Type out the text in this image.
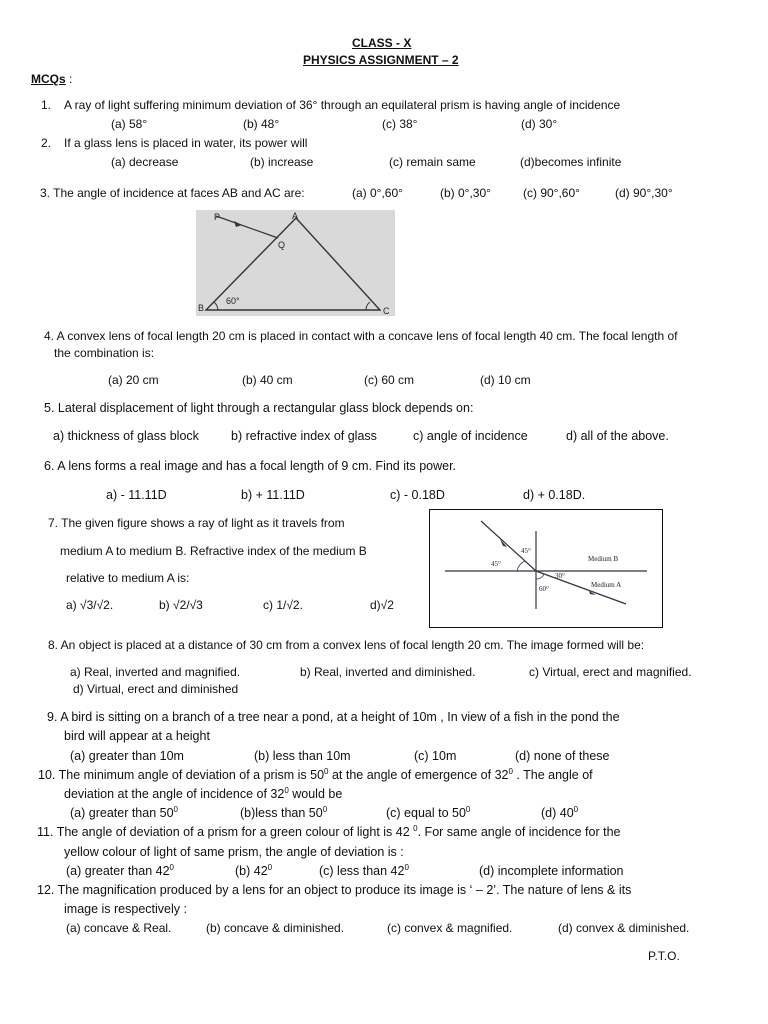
CLASS - X
PHYSICS ASSIGNMENT – 2
MCQs :
1. A ray of light suffering minimum deviation of 36° through an equilateral prism is having angle of incidence
(a) 58°	(b) 48°	(c) 38°	(d) 30°
2. If a glass lens is placed in water, its power will
(a) decrease	(b) increase	(c) remain same	(d)becomes infinite
3. The angle of incidence at faces AB and AC are:	(a) 0°,60°	(b) 0°,30°	(c) 90°,60°	(d) 90°,30°
P	A
Q
B	C
60°
4. A convex lens of focal length 20 cm is placed in contact with a concave lens of focal length 40 cm. The focal length of
the combination is:
(a) 20 cm	(b) 40 cm	(c) 60 cm	(d) 10 cm
5. Lateral displacement of light through a rectangular glass block depends on:
a) thickness of glass block	b) refractive index of glass	c) angle of incidence	d) all of the above.
6. A lens forms a real image and has a focal length of 9 cm. Find its power.
a) - 11.11D	b) + 11.11D	c) - 0.18D	d) + 0.18D.
7. The given figure shows a ray of light as it travels from
medium A to medium B. Refractive index of the medium B
relative to medium A is:
a) √3/√2.	b) √2/√3	c) 1/√2.	d)√2
45°
45°
30°
60°
Medium B
Medium A
8. An object is placed at a distance of 30 cm from a convex lens of focal length 20 cm. The image formed will be:
a) Real, inverted and magnified.	b) Real, inverted and diminished.	c) Virtual, erect and magnified.
d) Virtual, erect and diminished
9. A bird is sitting on a branch of a tree near a pond, at a height of 10m , In view of a fish in the pond the
bird will appear at a height
(a) greater than 10m	(b) less than 10m	(c) 10m	(d) none of these
10. The minimum angle of deviation of a prism is $50^0$ at the angle of emergence of $32^0$ . The angle of
deviation at the angle of incidence of $32^0$ would be
(a) greater than $50^0$	(b)less than $50^0$	(c) equal to $50^0$	(d) $40^0$
11. The angle of deviation of a prism for a green colour of light is 42 $^0$. For same angle of incidence for the
yellow colour of light of same prism, the angle of deviation is :
(a) greater than $42^0$	(b) $42^0$	(c) less than $42^0$	(d) incomplete information
12. The magnification produced by a lens for an object to produce its image is ‘ – 2’. The nature of lens & its
image is respectively :
(a) concave & Real.	(b) concave & diminished.	(c) convex & magnified.	(d) convex & diminished.
P.T.O.
